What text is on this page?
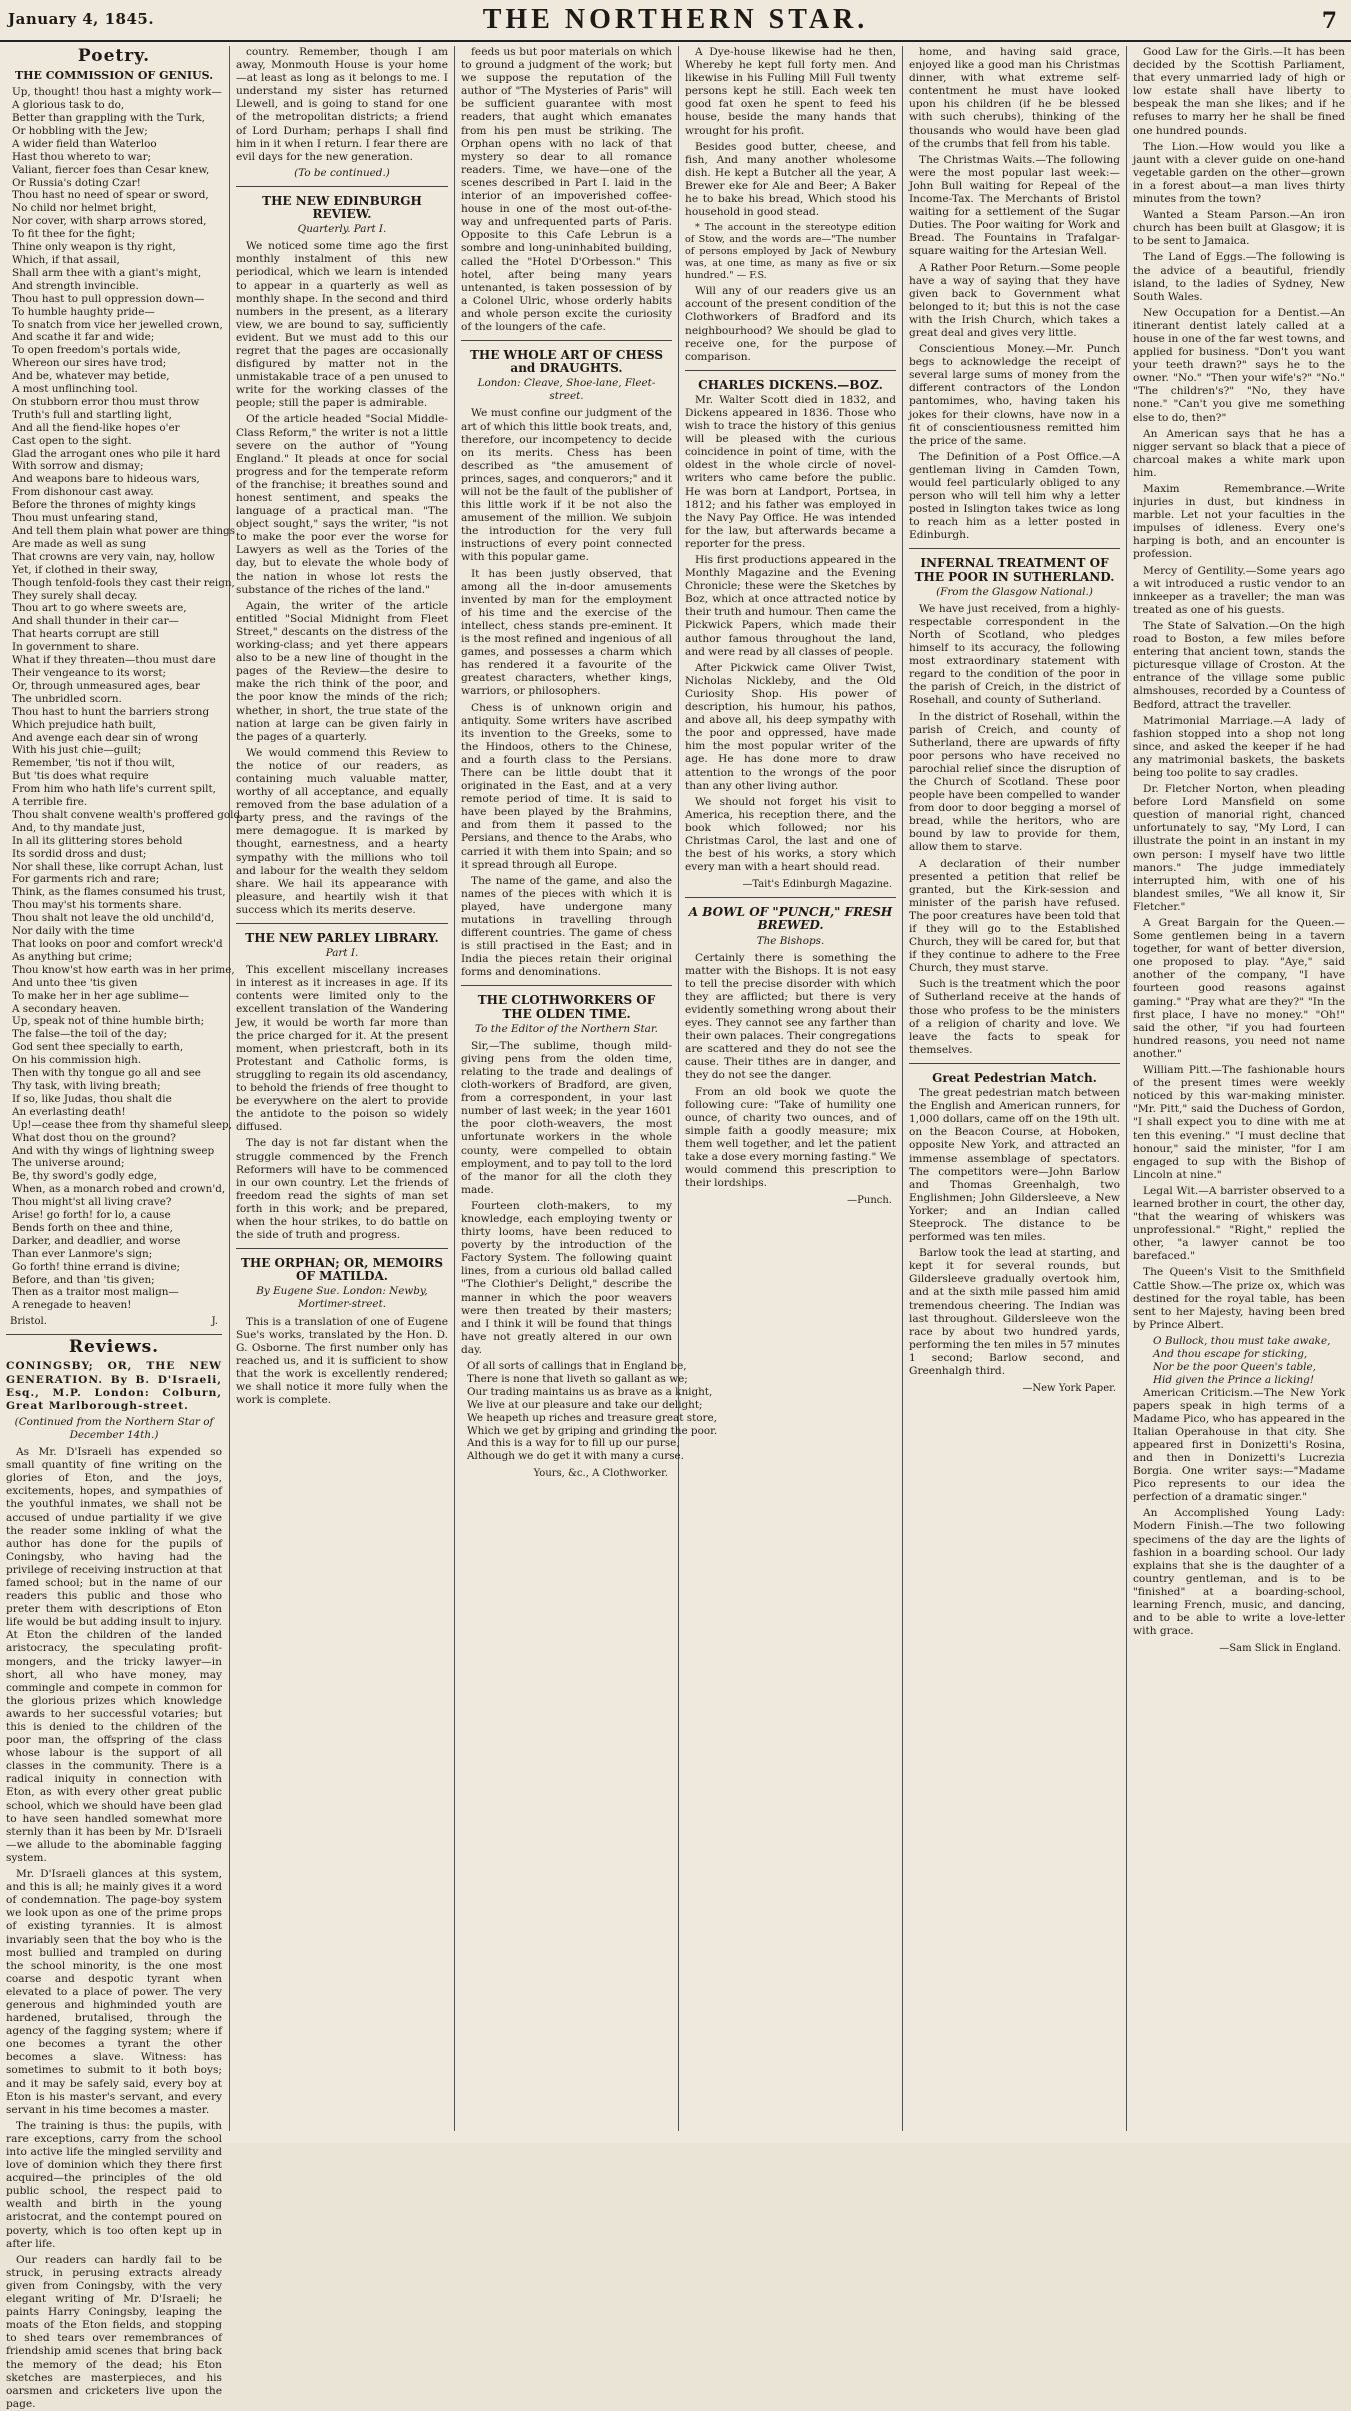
January 4, 1845.	THE NORTHERN STAR.	7
Poetry.
THE COMMISSION OF GENIUS.
Up, thought! thou hast a mighty work—
A glorious task to do,
Better than grappling with the Turk,
Or hobbling with the Jew;
A wider field than Waterloo
Hast thou whereto to war;
Valiant, fiercer foes than Cesar knew,
Or Russia's doting Czar!
Thou hast no need of spear or sword,
No child nor helmet bright,
Nor cover, with sharp arrows stored,
To fit thee for the fight;
Thine only weapon is thy right,
Which, if that assail,
Shall arm thee with a giant's might,
And strength invincible.
Thou hast to pull oppression down—
To humble haughty pride—
To snatch from vice her jewelled crown,
And scathe it far and wide;
To open freedom's portals wide,
Whereon our sires have trod;
And be, whatever may betide,
A most unflinching tool.
On stubborn error thou must throw
Truth's full and startling light,
And all the fiend-like hopes o'er
Cast open to the sight.
Glad the arrogant ones who pile it hard
With sorrow and dismay;
And weapons bare to hideous wars,
From dishonour cast away.
Before the thrones of mighty kings
Thou must unfearing stand,
And tell them plain what power are things
Are made as well as sung
That crowns are very vain, nay, hollow
Yet, if clothed in their sway,
Though tenfold-fools they cast their reign,
They surely shall decay.
Thou art to go where sweets are,
And shall thunder in their car—
That hearts corrupt are still
In government to share.
What if they threaten—thou must dare
Their vengeance to its worst;
Or, through unmeasured ages, bear
The unbridled scorn.
Thou hast to hunt the barriers strong
Which prejudice hath built,
And avenge each dear sin of wrong
With his just chie—guilt;
Remember, 'tis not if thou wilt,
But 'tis does what require
From him who hath life's current spilt,
A terrible fire.
Thou shalt convene wealth's proffered gold,
And, to thy mandate just,
In all its glittering stores behold
Its sordid dross and dust;
Nor shall these, like corrupt Achan, lust
For garments rich and rare;
Think, as the flames consumed his trust,
Thou may'st his torments share.
Thou shalt not leave the old unchild'd,
Nor daily with the time
That looks on poor and comfort wreck'd
As anything but crime;
Thou know'st how earth was in her prime,
And unto thee 'tis given
To make her in her age sublime—
A secondary heaven.
Up, speak not of thine humble birth;
The false—the toil of the day;
God sent thee specially to earth,
On his commission high.
Then with thy tongue go all and see
Thy task, with living breath;
If so, like Judas, thou shalt die
An everlasting death!
Up!—cease thee from thy shameful sleep,
What dost thou on the ground?
And with thy wings of lightning sweep
The universe around;
Be, thy sword's godly edge,
When, as a monarch robed and crown'd,
Thou might'st all living crave?
Arise! go forth! for lo, a cause
Bends forth on thee and thine,
Darker, and deadlier, and worse
Than ever Lanmore's sign;
Go forth! thine errand is divine;
Before, and than 'tis given;
Then as a traitor most malign—
A renegade to heaven!
Bristol.	J.
Reviews.

CONINGSBY; OR, THE NEW GENERATION. By B. D'Israeli, Esq., M.P. London: Colburn, Great Marlborough-street.

(Continued from the Northern Star of December 14th.)

As Mr. D'Israeli has expended so small quantity of fine writing on the glories of Eton, and the joys, excitements, hopes, and sympathies of the youthful inmates, we shall not be accused of undue partiality if we give the reader some inkling of what the author has done for the pupils of Coningsby, who having had the privilege of receiving instruction at that famed school; but in the name of our readers this public and those who preter them with descriptions of Eton life would be but adding insult to injury. At Eton the children of the landed aristocracy, the speculating profit-mongers, and the tricky lawyer—in short, all who have money, may commingle and compete in common for the glorious prizes which knowledge awards to her successful votaries; but this is denied to the children of the poor man, the offspring of the class whose labour is the support of all classes in the community. There is a radical iniquity in connection with Eton, as with every other great public school, which we should have been glad to have seen handled somewhat more sternly than it has been by Mr. D'Israeli—we allude to the abominable fagging system.

Mr. D'Israeli glances at this system, and this is all; he mainly gives it a word of condemnation. The page-boy system we look upon as one of the prime props of existing tyrannies. It is almost invariably seen that the boy who is the most bullied and trampled on during the school minority, is the one most coarse and despotic tyrant when elevated to a place of power. The very generous and highminded youth are hardened, brutalised, through the agency of the fagging system; where if one becomes a tyrant the other becomes a slave. Witness: has sometimes to submit to it both boys; and it may be safely said, every boy at Eton is his master's servant, and every servant in his time becomes a master.

The training is thus: the pupils, with rare exceptions, carry from the school into active life the mingled servility and love of dominion which they there first acquired—the principles of the old public school, the respect paid to wealth and birth in the young aristocrat, and the contempt poured on poverty, which is too often kept up in after life.

Our readers can hardly fail to be struck, in perusing extracts already given from Coningsby, with the very elegant writing of Mr. D'Israeli; he paints Harry Coningsby, leaping the moats of the Eton fields, and stopping to shed tears over remembrances of friendship amid scenes that bring back the memory of the dead; his Eton sketches are masterpieces, and his oarsmen and cricketers live upon the page.

country. Remember, though I am away, Monmouth House is your home—at least as long as it belongs to me. I understand my sister has returned Llewell, and is going to stand for one of the metropolitan districts; a friend of Lord Durham; perhaps I shall find him in it when I return. I fear there are evil days for the new generation.

(To be continued.)
THE NEW EDINBURGH REVIEW.
Quarterly. Part I.

We noticed some time ago the first monthly instalment of this new periodical, which we learn is intended to appear in a quarterly as well as monthly shape. In the second and third numbers in the present, as a literary view, we are bound to say, sufficiently evident. But we must add to this our regret that the pages are occasionally disfigured by matter not in the unmistakable trace of a pen unused to write for the working classes of the people; still the paper is admirable.

Of the article headed "Social Middle-Class Reform," the writer is not a little severe on the author of "Young England." It pleads at once for social progress and for the temperate reform of the franchise; it breathes sound and honest sentiment, and speaks the language of a practical man. "The object sought," says the writer, "is not to make the poor ever the worse for Lawyers as well as the Tories of the day, but to elevate the whole body of the nation in whose lot rests the substance of the riches of the land."

Again, the writer of the article entitled "Social Midnight from Fleet Street," descants on the distress of the working-class; and yet there appears also to be a new line of thought in the pages of the Review—the desire to make the rich think of the poor, and the poor know the minds of the rich; whether, in short, the true state of the nation at large can be given fairly in the pages of a quarterly.

We would commend this Review to the notice of our readers, as containing much valuable matter, worthy of all acceptance, and equally removed from the base adulation of a party press, and the ravings of the mere demagogue. It is marked by thought, earnestness, and a hearty sympathy with the millions who toil and labour for the wealth they seldom share. We hail its appearance with pleasure, and heartily wish it that success which its merits deserve.

THE NEW PARLEY LIBRARY.
Part I.

This excellent miscellany increases in interest as it increases in age. If its contents were limited only to the excellent translation of the Wandering Jew, it would be worth far more than the price charged for it. At the present moment, when priestcraft, both in its Protestant and Catholic forms, is struggling to regain its old ascendancy, to behold the friends of free thought to be everywhere on the alert to provide the antidote to the poison so widely diffused.

The day is not far distant when the struggle commenced by the French Reformers will have to be commenced in our own country. Let the friends of freedom read the sights of man set forth in this work; and be prepared, when the hour strikes, to do battle on the side of truth and progress.

THE ORPHAN; OR, MEMOIRS OF MATILDA.
By Eugene Sue. London: Newby, Mortimer-street.

This is a translation of one of Eugene Sue's works, translated by the Hon. D. G. Osborne. The first number only has reached us, and it is sufficient to show that the work is excellently rendered; we shall notice it more fully when the work is complete.

feeds us but poor materials on which to ground a judgment of the work; but we suppose the reputation of the author of "The Mysteries of Paris" will be sufficient guarantee with most readers, that aught which emanates from his pen must be striking. The Orphan opens with no lack of that mystery so dear to all romance readers. Time, we have—one of the scenes described in Part I. laid in the interior of an impoverished coffee-house in one of the most out-of-the-way and unfrequented parts of Paris. Opposite to this Cafe Lebrun is a sombre and long-uninhabited building, called the "Hotel D'Orbesson." This hotel, after being many years untenanted, is taken possession of by a Colonel Ulric, whose orderly habits and whole person excite the curiosity of the loungers of the cafe.

THE WHOLE ART OF CHESS and DRAUGHTS.
London: Cleave, Shoe-lane, Fleet-street.

We must confine our judgment of the art of which this little book treats, and, therefore, our incompetency to decide on its merits. Chess has been described as "the amusement of princes, sages, and conquerors;" and it will not be the fault of the publisher of this little work if it be not also the amusement of the million. We subjoin the introduction for the very full instructions of every point connected with this popular game.

It has been justly observed, that among all the in-door amusements invented by man for the employment of his time and the exercise of the intellect, chess stands pre-eminent. It is the most refined and ingenious of all games, and possesses a charm which has rendered it a favourite of the greatest characters, whether kings, warriors, or philosophers.

Chess is of unknown origin and antiquity. Some writers have ascribed its invention to the Greeks, some to the Hindoos, others to the Chinese, and a fourth class to the Persians. There can be little doubt that it originated in the East, and at a very remote period of time. It is said to have been played by the Brahmins, and from them it passed to the Persians, and thence to the Arabs, who carried it with them into Spain; and so it spread through all Europe.

The name of the game, and also the names of the pieces with which it is played, have undergone many mutations in travelling through different countries. The game of chess is still practised in the East; and in India the pieces retain their original forms and denominations.

THE CLOTHWORKERS OF THE OLDEN TIME.
To the Editor of the Northern Star.

Sir,—The sublime, though mild-giving pens from the olden time, relating to the trade and dealings of cloth-workers of Bradford, are given, from a correspondent, in your last number of last week; in the year 1601 the poor cloth-weavers, the most unfortunate workers in the whole county, were compelled to obtain employment, and to pay toll to the lord of the manor for all the cloth they made.

Fourteen cloth-makers, to my knowledge, each employing twenty or thirty looms, have been reduced to poverty by the introduction of the Factory System. The following quaint lines, from a curious old ballad called "The Clothier's Delight," describe the manner in which the poor weavers were then treated by their masters; and I think it will be found that things have not greatly altered in our own day.

Of all sorts of callings that in England be,
There is none that liveth so gallant as we;
Our trading maintains us as brave as a knight,
We live at our pleasure and take our delight;
We heapeth up riches and treasure great store,
Which we get by griping and grinding the poor.
And this is a way for to fill up our purse,
Although we do get it with many a curse.
Yours, &c., A Clothworker.

A Dye-house likewise had he then, Whereby he kept full forty men. And likewise in his Fulling Mill Full twenty persons kept he still. Each week ten good fat oxen he spent to feed his house, beside the many hands that wrought for his profit.

Besides good butter, cheese, and fish, And many another wholesome dish. He kept a Butcher all the year, A Brewer eke for Ale and Beer; A Baker he to bake his bread, Which stood his household in good stead.

* The account in the stereotype edition of Stow, and the words are—"The number of persons employed by Jack of Newbury was, at one time, as many as five or six hundred." — F.S.

Will any of our readers give us an account of the present condition of the Clothworkers of Bradford and its neighbourhood? We should be glad to receive one, for the purpose of comparison.

CHARLES DICKENS.—BOZ.

Mr. Walter Scott died in 1832, and Dickens appeared in 1836. Those who wish to trace the history of this genius will be pleased with the curious coincidence in point of time, with the oldest in the whole circle of novel-writers who came before the public. He was born at Landport, Portsea, in 1812; and his father was employed in the Navy Pay Office. He was intended for the law, but afterwards became a reporter for the press.

His first productions appeared in the Monthly Magazine and the Evening Chronicle; these were the Sketches by Boz, which at once attracted notice by their truth and humour. Then came the Pickwick Papers, which made their author famous throughout the land, and were read by all classes of people.

After Pickwick came Oliver Twist, Nicholas Nickleby, and the Old Curiosity Shop. His power of description, his humour, his pathos, and above all, his deep sympathy with the poor and oppressed, have made him the most popular writer of the age. He has done more to draw attention to the wrongs of the poor than any other living author.

We should not forget his visit to America, his reception there, and the book which followed; nor his Christmas Carol, the last and one of the best of his works, a story which every man with a heart should read.

—Tait's Edinburgh Magazine.
A BOWL OF "PUNCH," FRESH BREWED.
The Bishops.

Certainly there is something the matter with the Bishops. It is not easy to tell the precise disorder with which they are afflicted; but there is very evidently something wrong about their eyes. They cannot see any farther than their own palaces. Their congregations are scattered and they do not see the cause. Their tithes are in danger, and they do not see the danger.

From an old book we quote the following cure: "Take of humility one ounce, of charity two ounces, and of simple faith a goodly measure; mix them well together, and let the patient take a dose every morning fasting." We would commend this prescription to their lordships.

—Punch.

home, and having said grace, enjoyed like a good man his Christmas dinner, with what extreme self-contentment he must have looked upon his children (if he be blessed with such cherubs), thinking of the thousands who would have been glad of the crumbs that fell from his table.

The Christmas Waits.—The following were the most popular last week:—John Bull waiting for Repeal of the Income-Tax. The Merchants of Bristol waiting for a settlement of the Sugar Duties. The Poor waiting for Work and Bread. The Fountains in Trafalgar-square waiting for the Artesian Well.

A Rather Poor Return.—Some people have a way of saying that they have given back to Government what belonged to it; but this is not the case with the Irish Church, which takes a great deal and gives very little.

Conscientious Money.—Mr. Punch begs to acknowledge the receipt of several large sums of money from the different contractors of the London pantomimes, who, having taken his jokes for their clowns, have now in a fit of conscientiousness remitted him the price of the same.

The Definition of a Post Office.—A gentleman living in Camden Town, would feel particularly obliged to any person who will tell him why a letter posted in Islington takes twice as long to reach him as a letter posted in Edinburgh.

INFERNAL TREATMENT OF THE POOR IN SUTHERLAND.
(From the Glasgow National.)

We have just received, from a highly-respectable correspondent in the North of Scotland, who pledges himself to its accuracy, the following most extraordinary statement with regard to the condition of the poor in the parish of Creich, in the district of Rosehall, and county of Sutherland.

In the district of Rosehall, within the parish of Creich, and county of Sutherland, there are upwards of fifty poor persons who have received no parochial relief since the disruption of the Church of Scotland. These poor people have been compelled to wander from door to door begging a morsel of bread, while the heritors, who are bound by law to provide for them, allow them to starve.

A declaration of their number presented a petition that relief be granted, but the Kirk-session and minister of the parish have refused. The poor creatures have been told that if they will go to the Established Church, they will be cared for, but that if they continue to adhere to the Free Church, they must starve.

Such is the treatment which the poor of Sutherland receive at the hands of those who profess to be the ministers of a religion of charity and love. We leave the facts to speak for themselves.

Great Pedestrian Match.

The great pedestrian match between the English and American runners, for 1,000 dollars, came off on the 19th ult. on the Beacon Course, at Hoboken, opposite New York, and attracted an immense assemblage of spectators. The competitors were—John Barlow and Thomas Greenhalgh, two Englishmen; John Gildersleeve, a New Yorker; and an Indian called Steeprock. The distance to be performed was ten miles.

Barlow took the lead at starting, and kept it for several rounds, but Gildersleeve gradually overtook him, and at the sixth mile passed him amid tremendous cheering. The Indian was last throughout. Gildersleeve won the race by about two hundred yards, performing the ten miles in 57 minutes 1 second; Barlow second, and Greenhalgh third.

—New York Paper.

Good Law for the Girls.—It has been decided by the Scottish Parliament, that every unmarried lady of high or low estate shall have liberty to bespeak the man she likes; and if he refuses to marry her he shall be fined one hundred pounds.

The Lion.—How would you like a jaunt with a clever guide on one-hand vegetable garden on the other—grown in a forest about—a man lives thirty minutes from the town?

Wanted a Steam Parson.—An iron church has been built at Glasgow; it is to be sent to Jamaica.

The Land of Eggs.—The following is the advice of a beautiful, friendly island, to the ladies of Sydney, New South Wales.

New Occupation for a Dentist.—An itinerant dentist lately called at a house in one of the far west towns, and applied for business. "Don't you want your teeth drawn?" says he to the owner. "No." "Then your wife's?" "No." "The children's?" "No, they have none." "Can't you give me something else to do, then?"

An American says that he has a nigger servant so black that a piece of charcoal makes a white mark upon him.

Maxim Remembrance.—Write injuries in dust, but kindness in marble. Let not your faculties in the impulses of idleness. Every one's harping is both, and an encounter is profession.

Mercy of Gentility.—Some years ago a wit introduced a rustic vendor to an innkeeper as a traveller; the man was treated as one of his guests.

The State of Salvation.—On the high road to Boston, a few miles before entering that ancient town, stands the picturesque village of Croston. At the entrance of the village some public almshouses, recorded by a Countess of Bedford, attract the traveller.

Matrimonial Marriage.—A lady of fashion stopped into a shop not long since, and asked the keeper if he had any matrimonial baskets, the baskets being too polite to say cradles.

Dr. Fletcher Norton, when pleading before Lord Mansfield on some question of manorial right, chanced unfortunately to say, "My Lord, I can illustrate the point in an instant in my own person: I myself have two little manors." The judge immediately interrupted him, with one of his blandest smiles, "We all know it, Sir Fletcher."

A Great Bargain for the Queen.—Some gentlemen being in a tavern together, for want of better diversion, one proposed to play. "Aye," said another of the company, "I have fourteen good reasons against gaming." "Pray what are they?" "In the first place, I have no money." "Oh!" said the other, "if you had fourteen hundred reasons, you need not name another."

William Pitt.—The fashionable hours of the present times were weekly noticed by this war-making minister. "Mr. Pitt," said the Duchess of Gordon, "I shall expect you to dine with me at ten this evening." "I must decline that honour," said the minister, "for I am engaged to sup with the Bishop of Lincoln at nine."

Legal Wit.—A barrister observed to a learned brother in court, the other day, "that the wearing of whiskers was unprofessional." "Right," replied the other, "a lawyer cannot be too barefaced."

The Queen's Visit to the Smithfield Cattle Show.—The prize ox, which was destined for the royal table, has been sent to her Majesty, having been bred by Prince Albert.

O Bullock, thou must take awake,
And thou escape for sticking,
Nor be the poor Queen's table,
Hid given the Prince a licking!

American Criticism.—The New York papers speak in high terms of a Madame Pico, who has appeared in the Italian Operahouse in that city. She appeared first in Donizetti's Rosina, and then in Donizetti's Lucrezia Borgia. One writer says:—"Madame Pico represents to our idea the perfection of a dramatic singer."

An Accomplished Young Lady: Modern Finish.—The two following specimens of the day are the lights of fashion in a boarding school. Our lady explains that she is the daughter of a country gentleman, and is to be "finished" at a boarding-school, learning French, music, and dancing, and to be able to write a love-letter with grace.

—Sam Slick in England.
